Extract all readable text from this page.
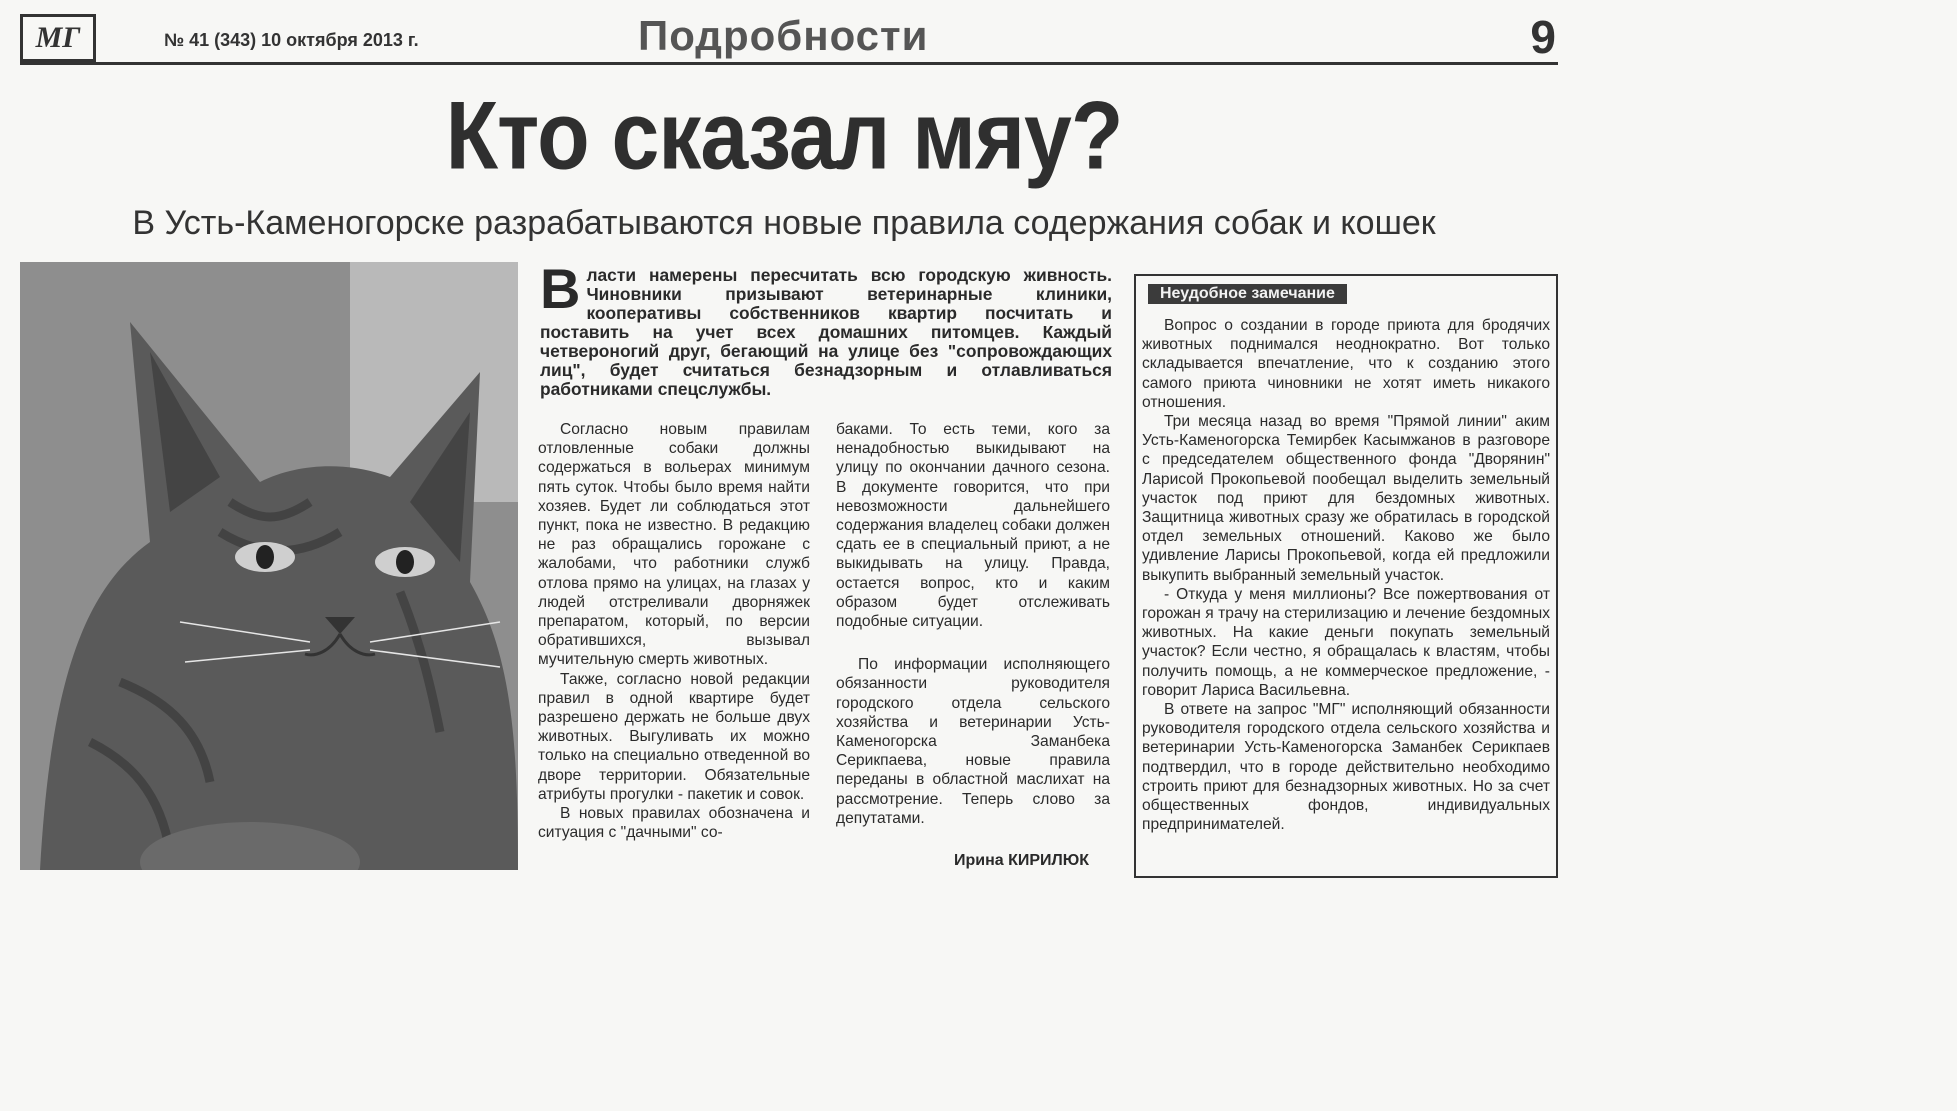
МГ	№ 41 (343) 10 октября 2013 г.	Подробности	9
Кто сказал мяу?
В Усть-Каменогорске разрабатываются новые правила содержания собак и кошек
В ласти намерены пересчитать всю городскую живность. Чиновники призывают ветеринарные клиники, кооперативы собственников квартир посчитать и поставить на учет всех домашних питомцев. Каждый четвероногий друг, бегающий на улице без "сопровождающих лиц", будет считаться безнадзорным и отлавливаться работниками спецслужбы.

Согласно новым правилам отловленные собаки должны содержаться в вольерах минимум пять суток. Чтобы было время найти хозяев. Будет ли соблюдаться этот пункт, пока не известно. В редакцию не раз обращались горожане с жалобами, что работники служб отлова прямо на улицах, на глазах у людей отстреливали дворняжек препаратом, который, по версии обратившихся, вызывал мучительную смерть животных.

Также, согласно новой редакции правил в одной квартире будет разрешено держать не больше двух животных. Выгуливать их можно только на специально отведенной во дворе территории. Обязательные атрибуты прогулки - пакетик и совок.

В новых правилах обозначена и ситуация с "дачными" со-

баками. То есть теми, кого за ненадобностью выкидывают на улицу по окончании дачного сезона. В документе говорится, что при невозможности дальнейшего содержания владелец собаки должен сдать ее в специальный приют, а не выкидывать на улицу. Правда, остается вопрос, кто и каким образом будет отслеживать подобные ситуации.

По информации исполняющего обязанности руководителя городского отдела сельского хозяйства и ветеринарии Усть-Каменогорска Заманбека Серикпаева, новые правила переданы в областной маслихат на рассмотрение. Теперь слово за депутатами.

Ирина КИРИЛЮК
Неудобное замечание

Вопрос о создании в городе приюта для бродячих животных поднимался неоднократно. Вот только складывается впечатление, что к созданию этого самого приюта чиновники не хотят иметь никакого отношения.

Три месяца назад во время "Прямой линии" аким Усть-Каменогорска Темирбек Касымжанов в разговоре с председателем общественного фонда "Дворянин" Ларисой Прокопьевой пообещал выделить земельный участок под приют для бездомных животных. Защитница животных сразу же обратилась в городской отдел земельных отношений. Каково же было удивление Ларисы Прокопьевой, когда ей предложили выкупить выбранный земельный участок.

- Откуда у меня миллионы? Все пожертвования от горожан я трачу на стерилизацию и лечение бездомных животных. На какие деньги покупать земельный участок? Если честно, я обращалась к властям, чтобы получить помощь, а не коммерческое предложение, - говорит Лариса Васильевна.

В ответе на запрос "МГ" исполняющий обязанности руководителя городского отдела сельского хозяйства и ветеринарии Усть-Каменогорска Заманбек Серикпаев подтвердил, что в городе действительно необходимо строить приют для безнадзорных животных. Но за счет общественных фондов, индивидуальных предпринимателей.
